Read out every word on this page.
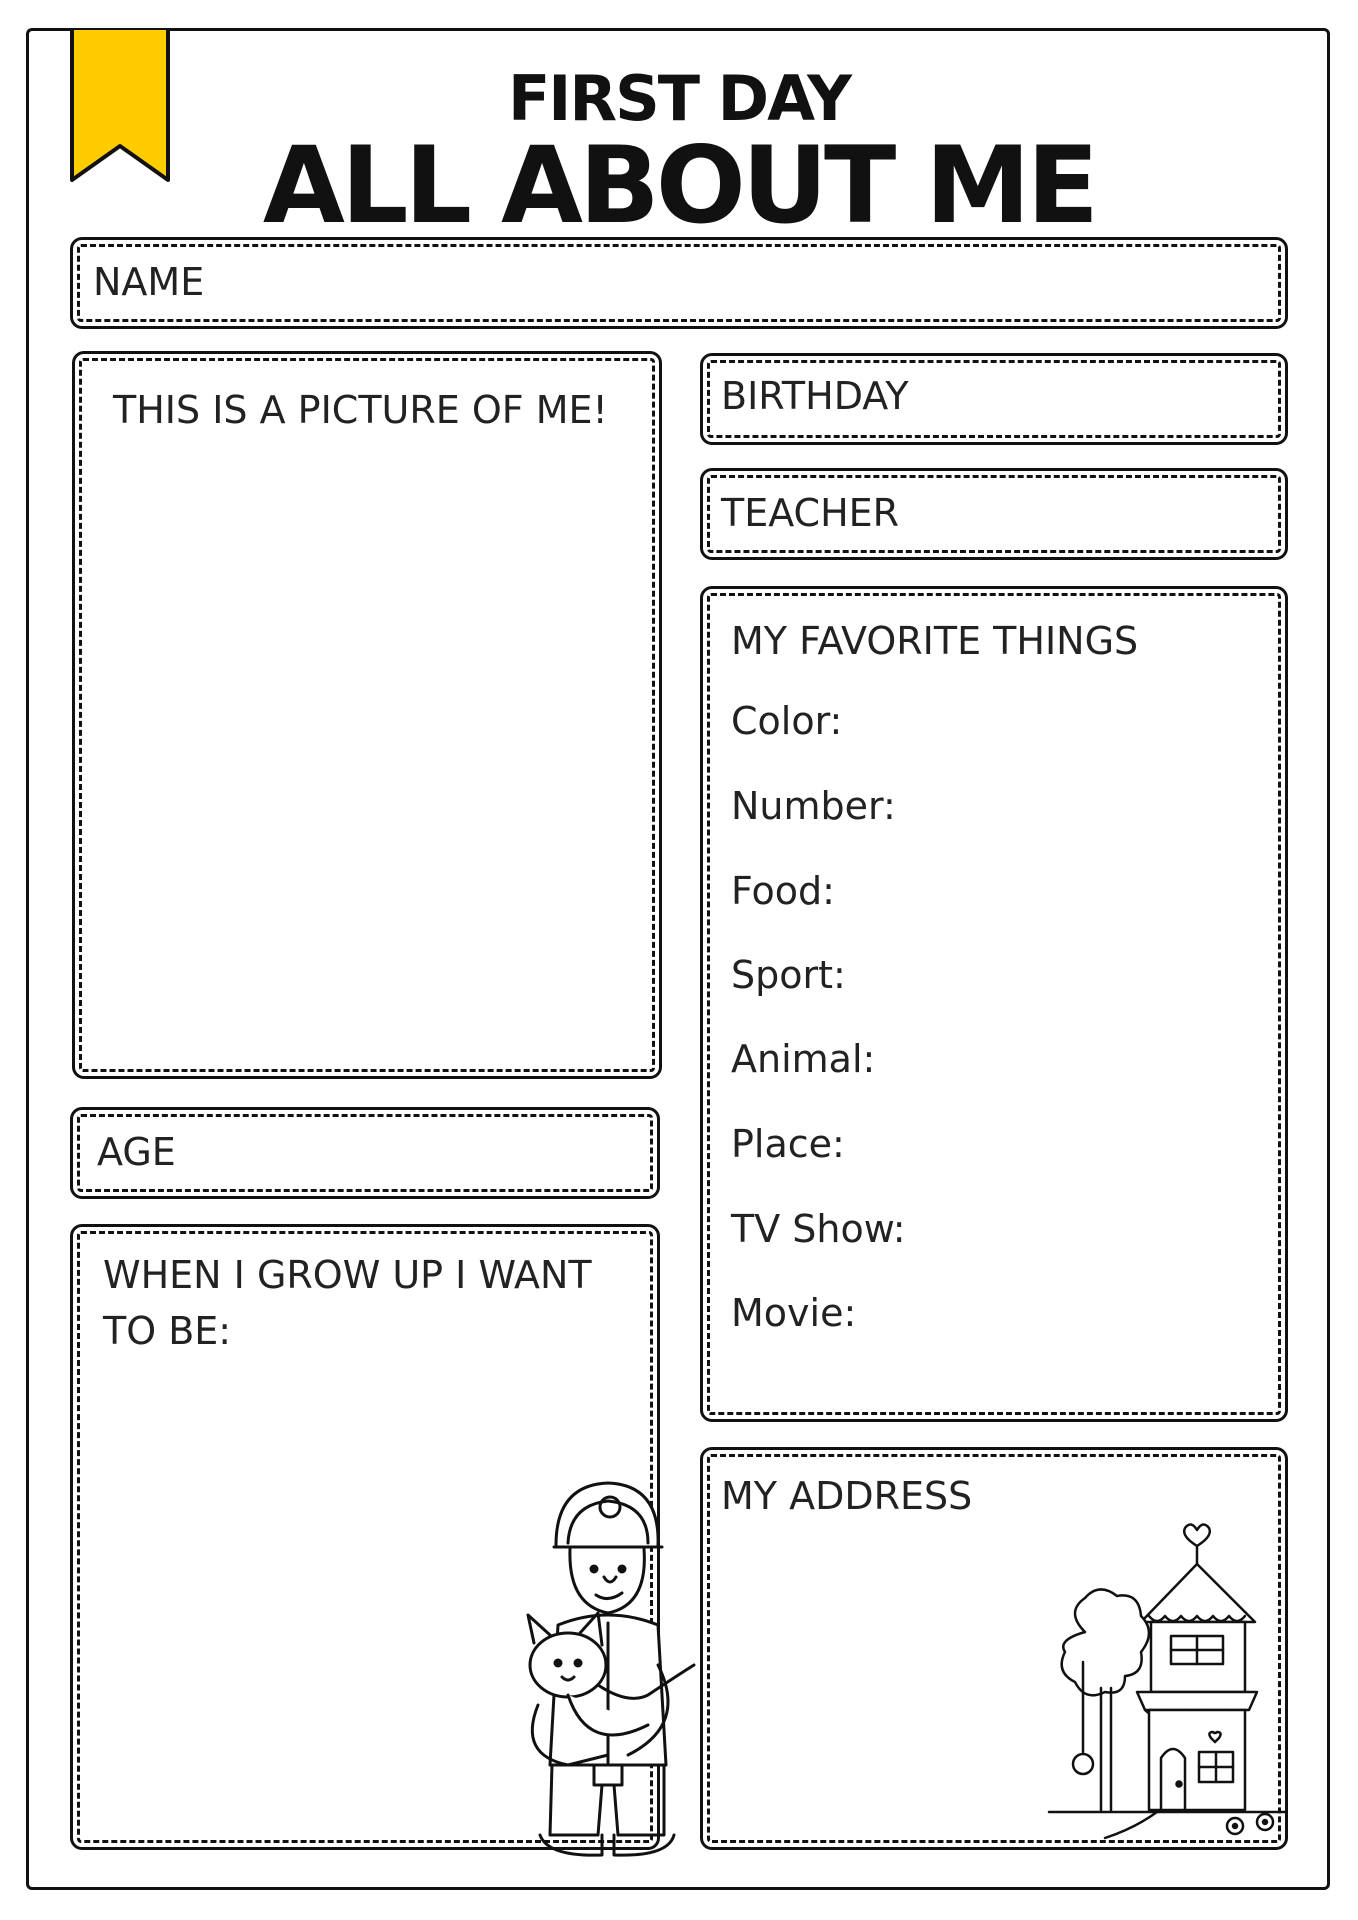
FIRST DAY
ALL ABOUT ME
NAME
THIS IS A PICTURE OF ME!	BIRTHDAY
TEACHER
MY FAVORITE THINGS
Color:
Number:
Food:
Sport:
Animal:
Place:
TV Show:
Movie:
AGE
WHEN I GROW UP I WANT
TO BE:
MY ADDRESS
